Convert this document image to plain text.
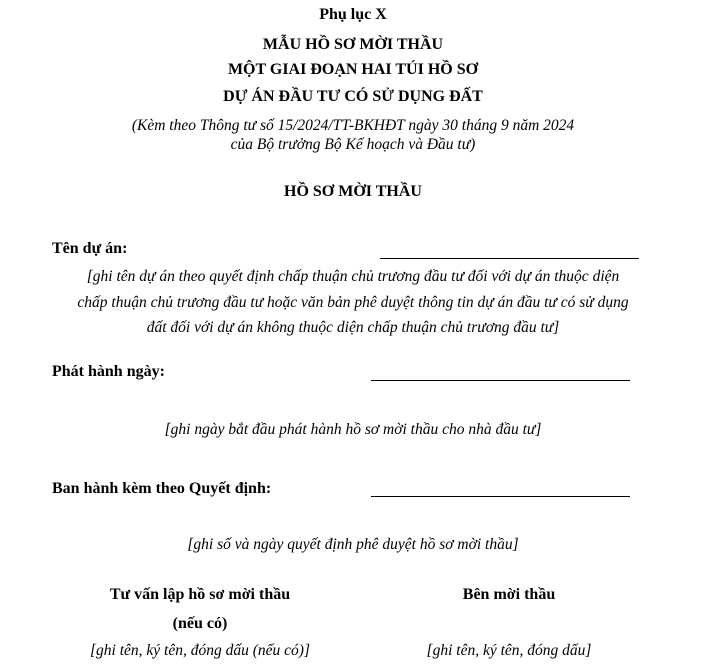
Phụ lục X
MẪU HỒ SƠ MỜI THẦU
MỘT GIAI ĐOẠN HAI TÚI HỒ SƠ
DỰ ÁN ĐẦU TƯ CÓ SỬ DỤNG ĐẤT
(Kèm theo Thông tư số 15/2024/TT-BKHĐT ngày 30 tháng 9 năm 2024
của Bộ trưởng Bộ Kế hoạch và Đầu tư)
HỒ SƠ MỜI THẦU
Tên dự án:
[ghi tên dự án theo quyết định chấp thuận chủ trương đầu tư đối với dự án thuộc diện
chấp thuận chủ trương đầu tư hoặc văn bản phê duyệt thông tin dự án đầu tư có sử dụng
đất đối với dự án không thuộc diện chấp thuận chủ trương đầu tư]
Phát hành ngày:
[ghi ngày bắt đầu phát hành hồ sơ mời thầu cho nhà đầu tư]
Ban hành kèm theo Quyết định:
[ghi số và ngày quyết định phê duyệt hồ sơ mời thầu]
Tư vấn lập hồ sơ mời thầu
(nếu có)
[ghi tên, ký tên, đóng dấu (nếu có)]
Bên mời thầu
[ghi tên, ký tên, đóng dấu]
